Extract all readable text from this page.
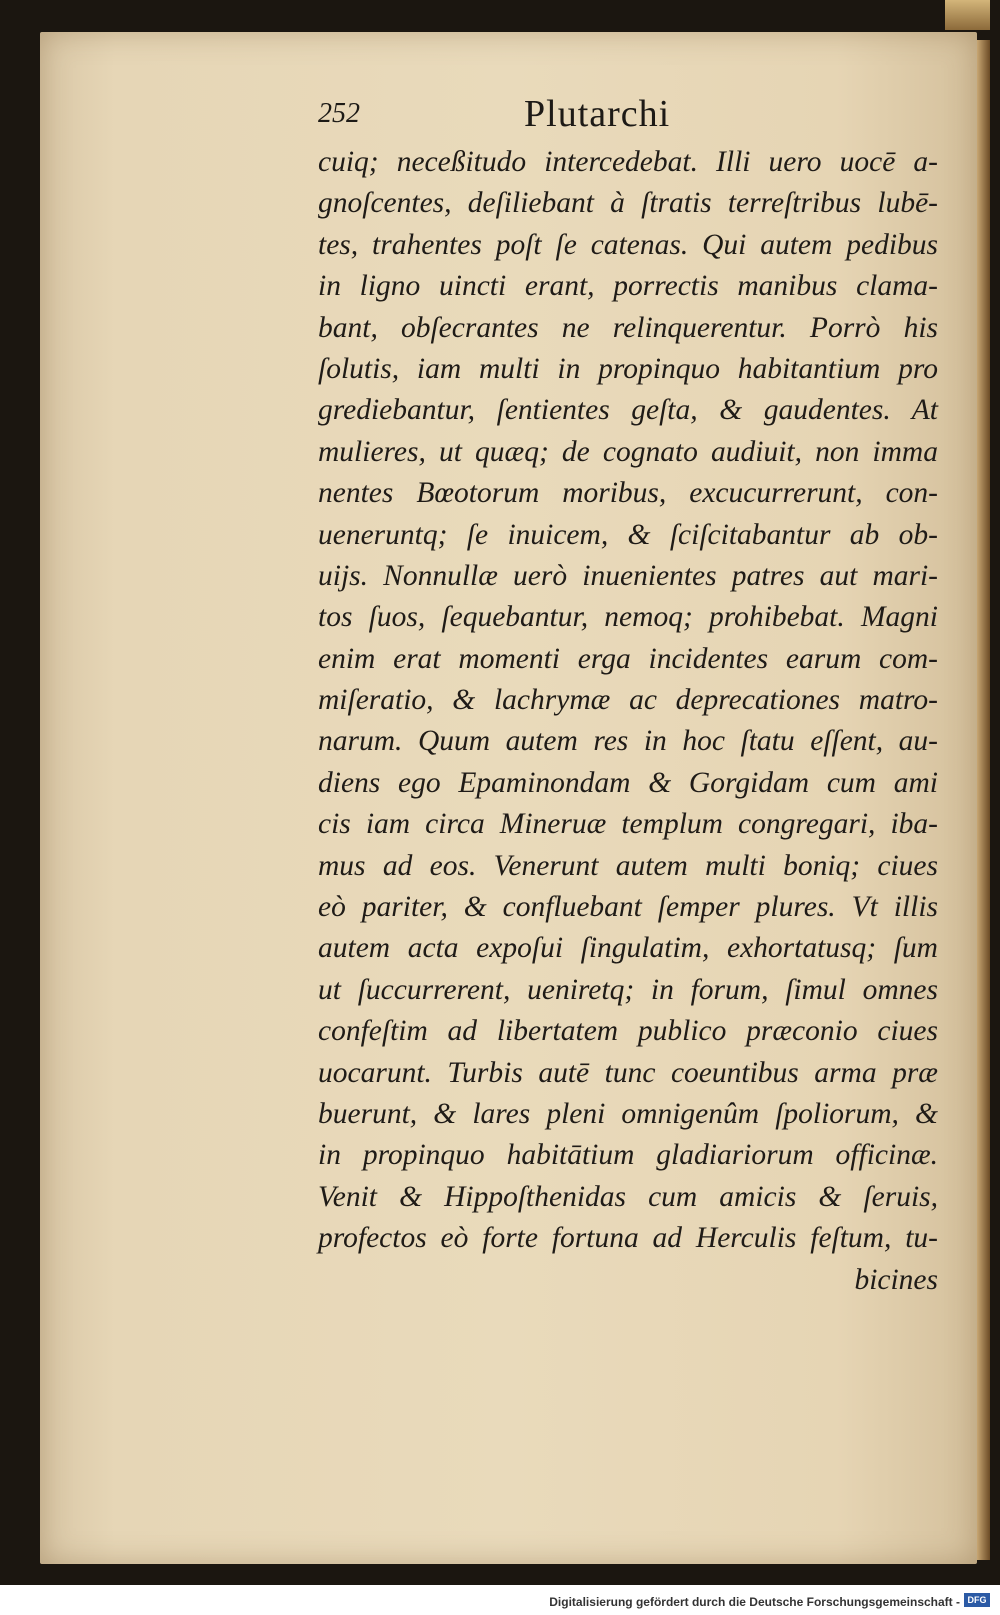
252	Plutarchi
cuiq; neceßitudo intercedebat. Illi uero uocē a-
gnoſcentes, deſiliebant à ſtratis terreſtribus lubē-
tes, trahentes poſt ſe catenas. Qui autem pedibus
in ligno uincti erant, porrectis manibus clama-
bant, obſecrantes ne relinquerentur. Porrò his
ſolutis, iam multi in propinquo habitantium pro
grediebantur, ſentientes geſta, & gaudentes. At
mulieres, ut quæq; de cognato audiuit, non imma
nentes Bœotorum moribus, excucurrerunt, con-
ueneruntq; ſe inuicem, & ſciſcitabantur ab ob-
uijs. Nonnullæ uerò inuenientes patres aut mari-
tos ſuos, ſequebantur, nemoq; prohibebat. Magni
enim erat momenti erga incidentes earum com-
miſeratio, & lachrymæ ac deprecationes matro-
narum. Quum autem res in hoc ſtatu eſſent, au-
diens ego Epaminondam & Gorgidam cum ami
cis iam circa Mineruæ templum congregari, iba-
mus ad eos. Venerunt autem multi boniq; ciues
eò pariter, & confluebant ſemper plures. Vt illis
autem acta expoſui ſingulatim, exhortatusq; ſum
ut ſuccurrerent, ueniretq; in forum, ſimul omnes
confeſtim ad libertatem publico præconio ciues
uocarunt. Turbis autē tunc coeuntibus arma præ
buerunt, & lares pleni omnigenûm ſpoliorum, &
in propinquo habitātium gladiariorum officinæ.
Venit & Hippoſthenidas cum amicis & ſeruis,
profectos eò forte fortuna ad Herculis feſtum, tu-
bicines
Digitalisierung gefördert durch die Deutsche Forschungsgemeinschaft - DFG
